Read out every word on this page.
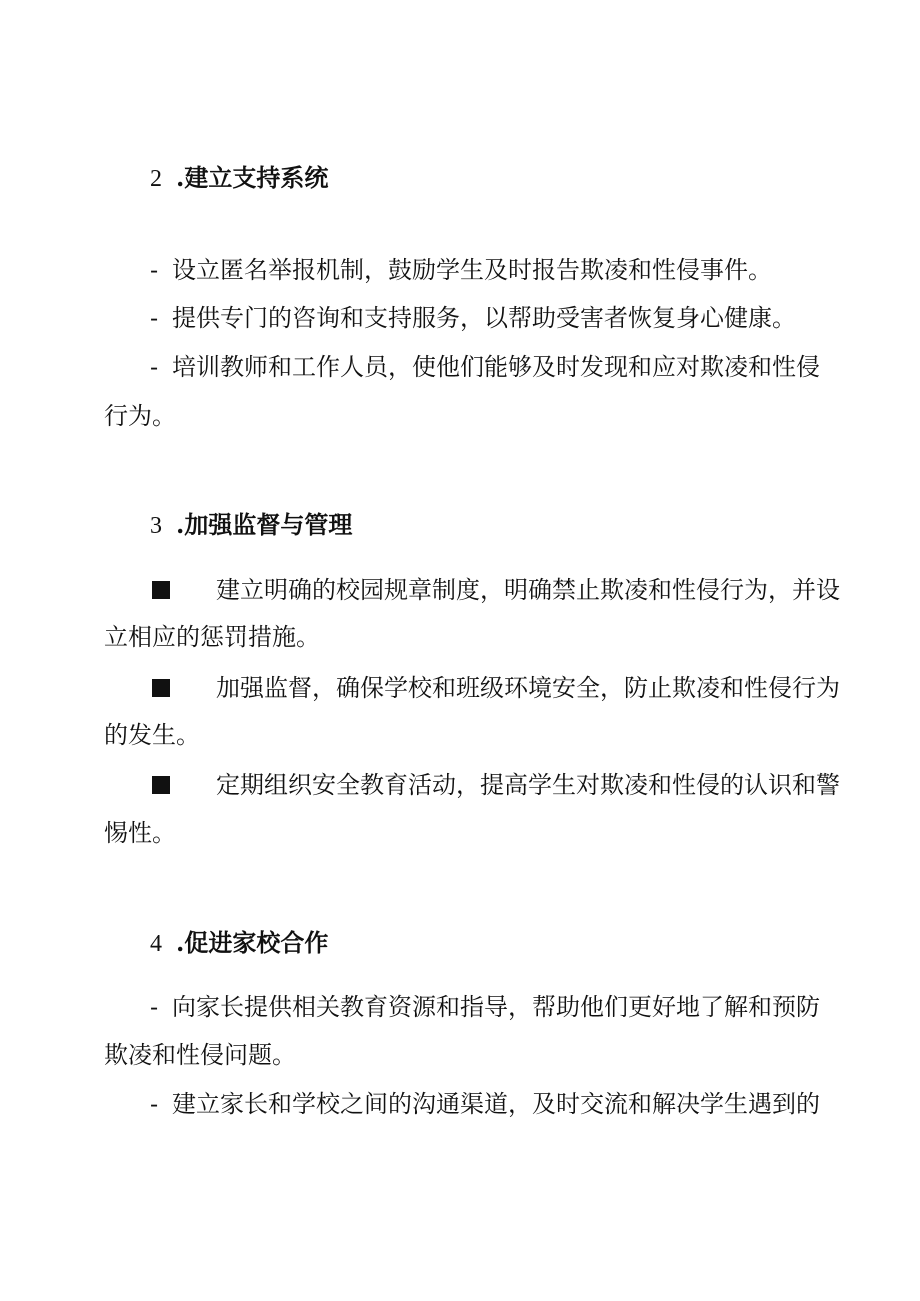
2 .建立支持系统
- 设立匿名举报机制，鼓励学生及时报告欺凌和性侵事件。
- 提供专门的咨询和支持服务，以帮助受害者恢复身心健康。
- 培训教师和工作人员，使他们能够及时发现和应对欺凌和性侵
行为。
3 .加强监督与管理
建立明确的校园规章制度，明确禁止欺凌和性侵行为，并设
立相应的惩罚措施。
加强监督，确保学校和班级环境安全，防止欺凌和性侵行为
的发生。
定期组织安全教育活动，提高学生对欺凌和性侵的认识和警
惕性。
4 .促进家校合作
- 向家长提供相关教育资源和指导，帮助他们更好地了解和预防
欺凌和性侵问题。
- 建立家长和学校之间的沟通渠道，及时交流和解决学生遇到的
